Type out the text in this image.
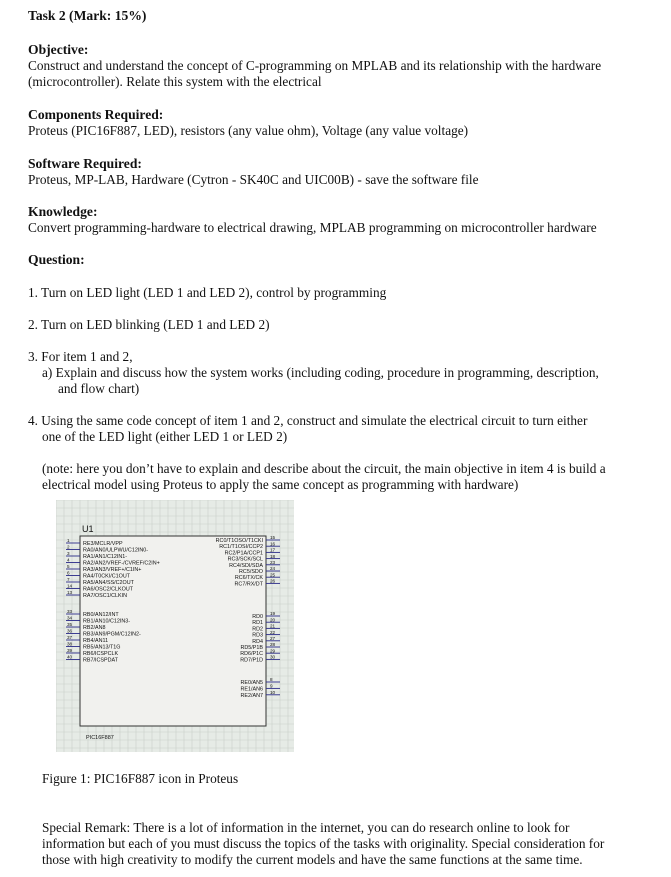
Task 2 (Mark: 15%)
Objective:
Construct and understand the concept of C-programming on MPLAB and its relationship with the hardware
(microcontroller). Relate this system with the electrical
Components Required:
Proteus (PIC16F887, LED), resistors (any value ohm), Voltage (any value voltage)
Software Required:
Proteus, MP-LAB, Hardware (Cytron - SK40C and UIC00B) - save the software file
Knowledge:
Convert programming-hardware to electrical drawing, MPLAB programming on microcontroller hardware
Question:
1. Turn on LED light (LED 1 and LED 2), control by programming
2. Turn on LED blinking (LED 1 and LED 2)
3. For item 1 and 2,
a) Explain and discuss how the system works (including coding, procedure in programming, description,
and flow chart)
4. Using the same code concept of item 1 and 2, construct and simulate the electrical circuit to turn either
one of the LED light (either LED 1 or LED 2)
(note: here you don’t have to explain and describe about the circuit, the main objective in item 4 is build a
electrical model using Proteus to apply the same concept as programming with hardware)
U1
PIC16F887
1
RE3/MCLR/VPP
2
RA0/AN0/ULPWU/C12IN0-
3
RA1/AN1/C12IN1-
4
RA2/AN2/VREF-/CVREF/C2IN+
5
RA3/AN3/VREF+/C1IN+
6
RA4/T0CKI/C1OUT
7
RA5/AN4/SS/C2OUT
14
RA6/OSC2/CLKOUT
13
RA7/OSC1/CLKIN
33
RB0/AN12/INT
34
RB1/AN10/C12IN3-
35
RB2/AN8
36
RB3/AN9/PGM/C12IN2-
37
RB4/AN11
38
RB5/AN13/T1G
39
RB6/ICSPCLK
40
RB7/ICSPDAT
15
RC0/T1OSO/T1CKI 16
RC1/T1OSI/CCP2 17
RC2/P1A/CCP1 18
RC3/SCK/SCL 23
RC4/SDI/SDA 24
RC5/SDO 25
RC6/TX/CK 26
RC7/RX/DT
19
RD0 20
RD1 21
RD2 22
RD3 27
RD4 28
RD5/P1B 29
RD6/P1C 30
RD7/P1D
8
RE0/AN5
9
RE1/AN6
10
RE2/AN7
Figure 1: PIC16F887 icon in Proteus
Special Remark: There is a lot of information in the internet, you can do research online to look for
information but each of you must discuss the topics of the tasks with originality. Special consideration for
those with high creativity to modify the current models and have the same functions at the same time.
